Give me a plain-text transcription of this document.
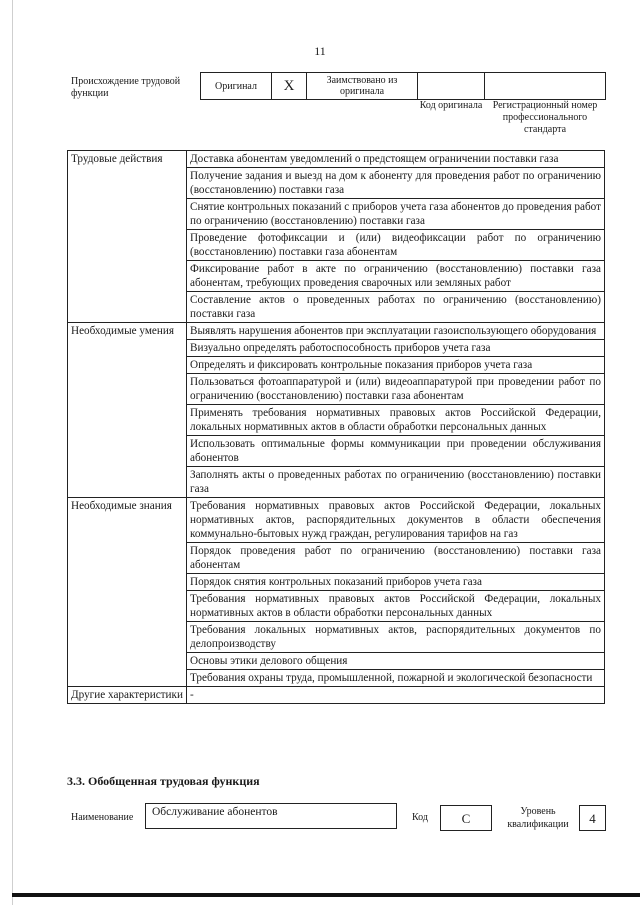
11
Происхождение трудовой функции
Оригинал	X	Заимствовано из оригинала		
Код оригинала	Регистрационный номер профессионального стандарта
Трудовые действия	Доставка абонентам уведомлений о предстоящем ограничении поставки газа
	Получение задания и выезд на дом к абоненту для проведения работ по ограничению (восстановлению) поставки газа
	Снятие контрольных показаний с приборов учета газа абонентов до проведения работ по ограничению (восстановлению) поставки газа
	Проведение фотофиксации и (или) видеофиксации работ по ограничению (восстановлению) поставки газа абонентам
	Фиксирование работ в акте по ограничению (восстановлению) поставки газа абонентам, требующих проведения сварочных или земляных работ
	Составление актов о проведенных работах по ограничению (восстановлению) поставки газа
Необходимые умения	Выявлять нарушения абонентов при эксплуатации газоиспользующего оборудования
	Визуально определять работоспособность приборов учета газа
	Определять и фиксировать контрольные показания приборов учета газа
	Пользоваться фотоаппаратурой и (или) видеоаппаратурой при проведении работ по ограничению (восстановлению) поставки газа абонентам
	Применять требования нормативных правовых актов Российской Федерации, локальных нормативных актов в области обработки персональных данных
	Использовать оптимальные формы коммуникации при проведении обслуживания абонентов
	Заполнять акты о проведенных работах по ограничению (восстановлению) поставки газа
Необходимые знания	Требования нормативных правовых актов Российской Федерации, локальных нормативных актов, распорядительных документов в области обеспечения коммунально-бытовых нужд граждан, регулирования тарифов на газ
	Порядок проведения работ по ограничению (восстановлению) поставки газа абонентам
	Порядок снятия контрольных показаний приборов учета газа
	Требования нормативных правовых актов Российской Федерации, локальных нормативных актов в области обработки персональных данных
	Требования локальных нормативных актов, распорядительных документов по делопроизводству
	Основы этики делового общения
	Требования охраны труда, промышленной, пожарной и экологической безопасности
Другие характеристики	-
3.3. Обобщенная трудовая функция
Наименование	Обслуживание абонентов	Код	C	Уровень квалификации	4
